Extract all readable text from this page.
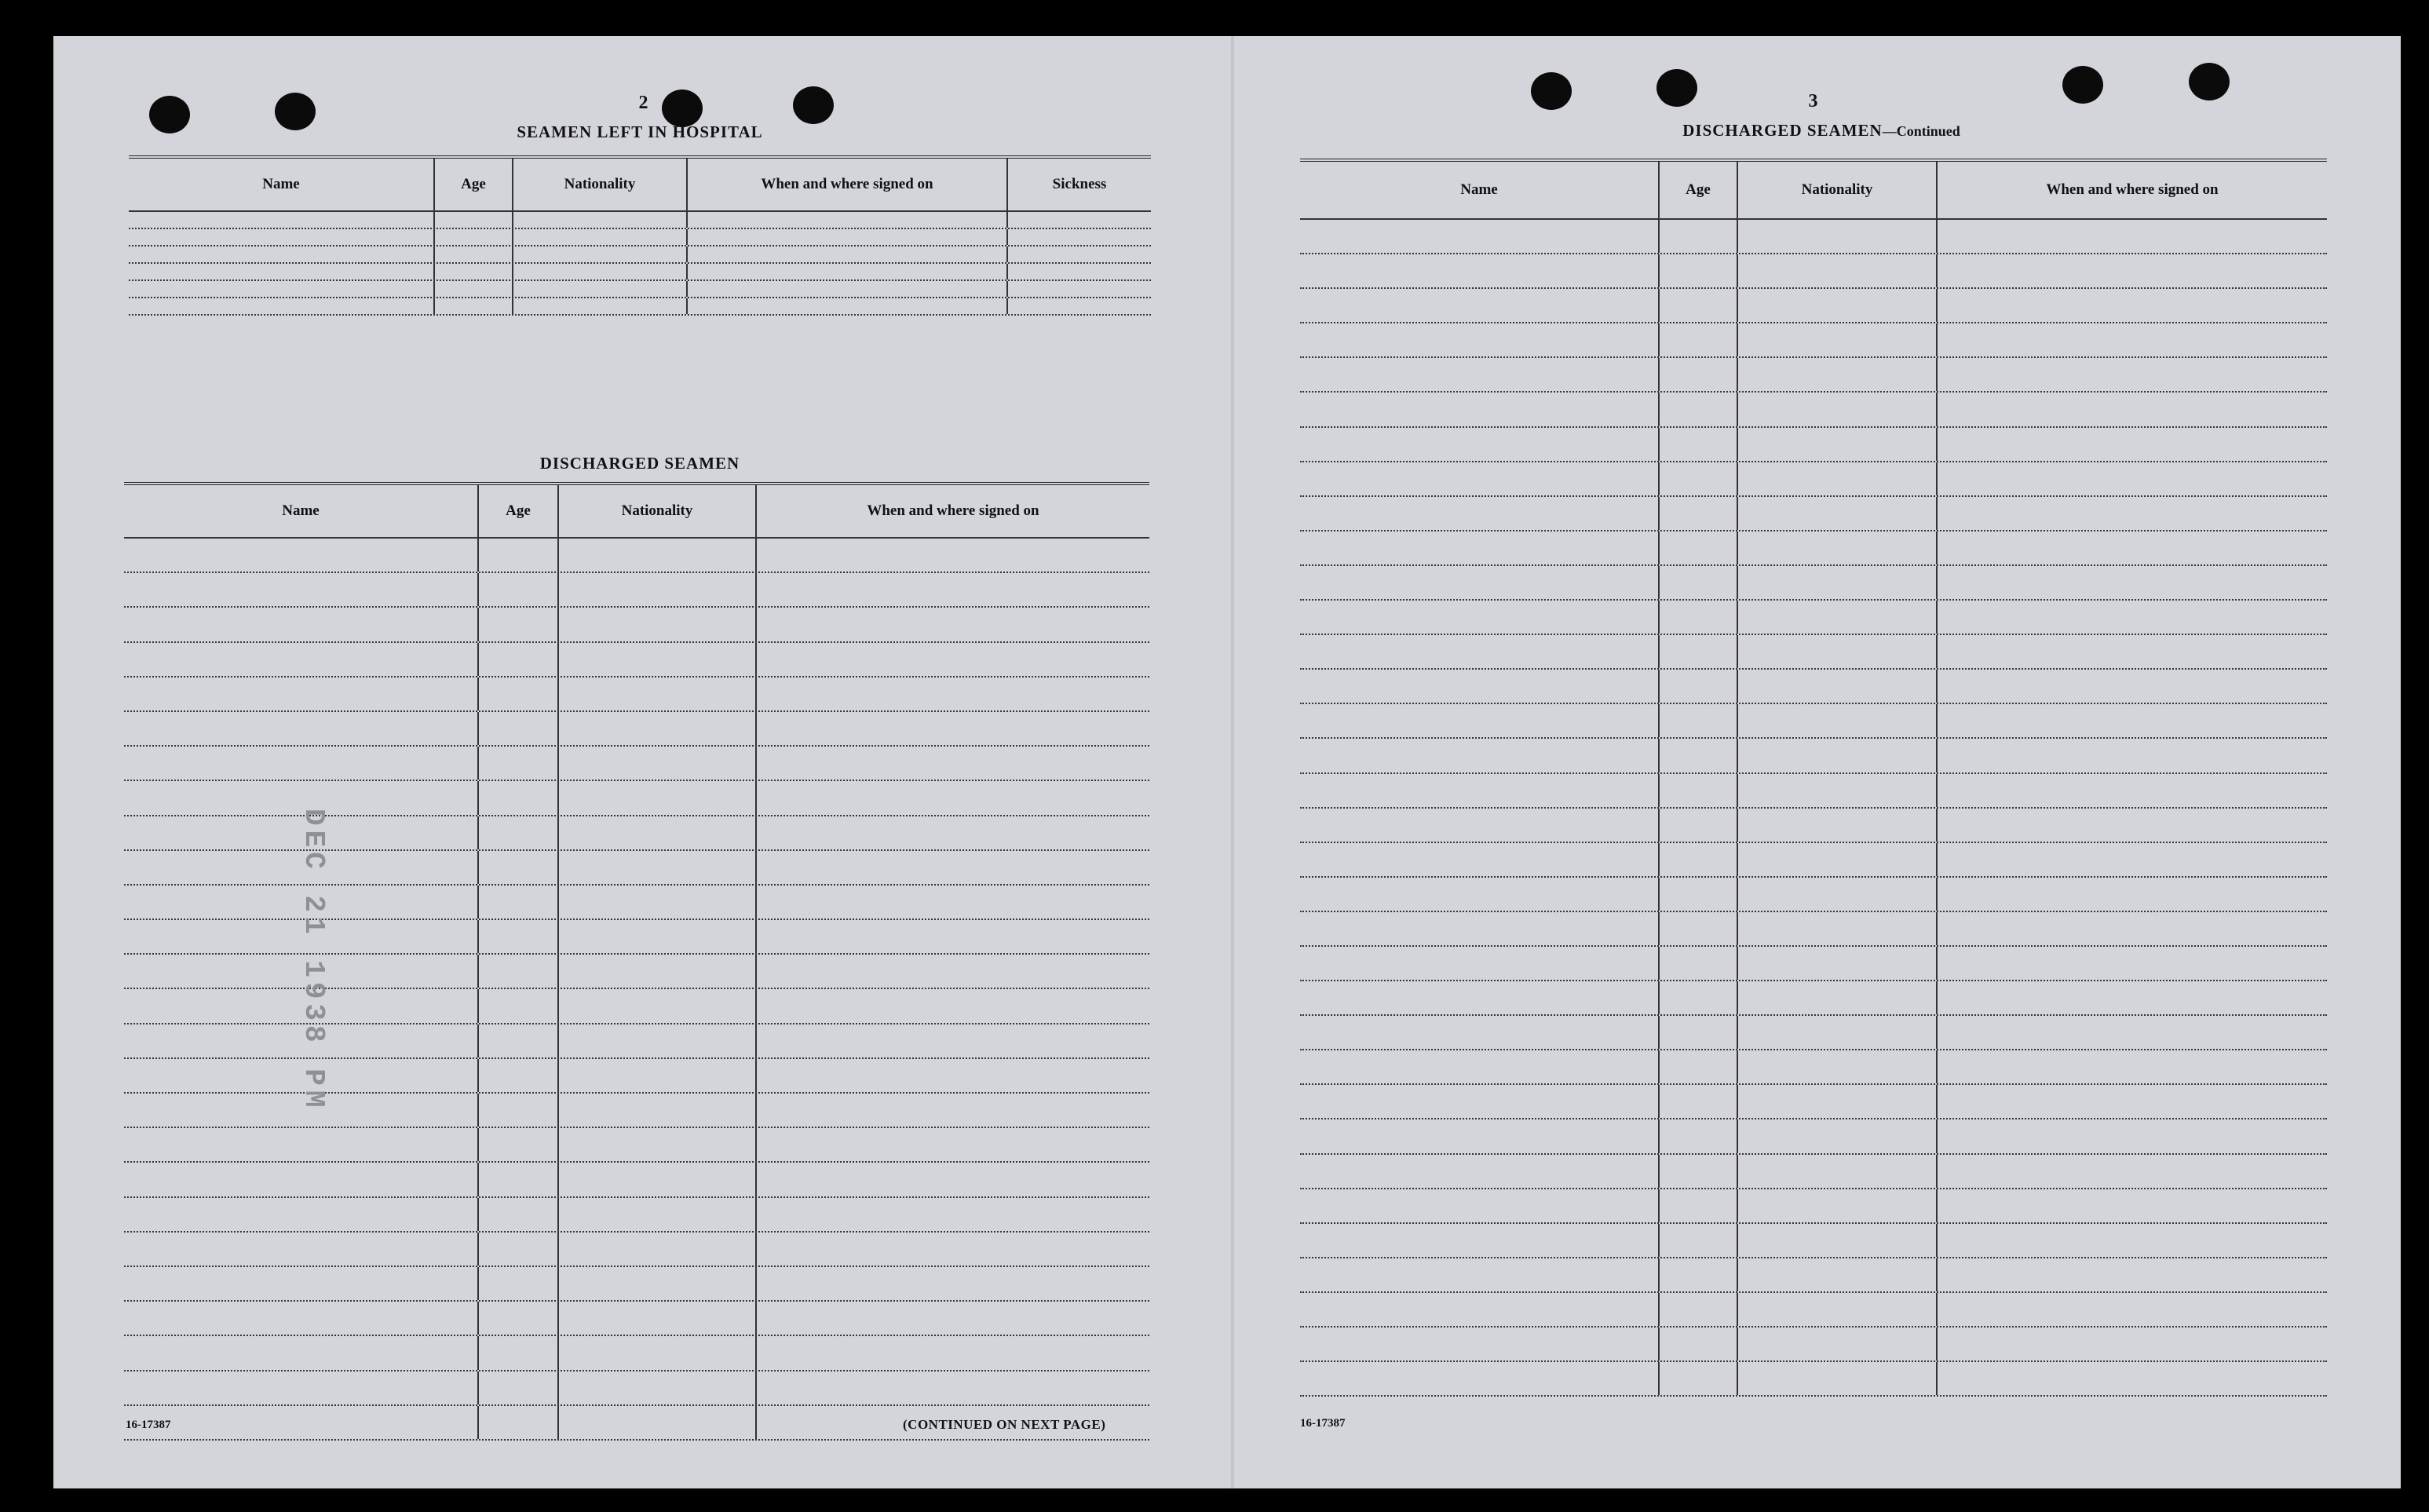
2
SEAMEN LEFT IN HOSPITAL
Name	Age	Nationality	When and where signed on	Sickness
DISCHARGED SEAMEN
Name	Age	Nationality	When and where signed on
DEC 21 1938 PM
16-17387	(CONTINUED ON NEXT PAGE)
3
DISCHARGED SEAMEN—Continued
Name	Age	Nationality	When and where signed on
16-17387
